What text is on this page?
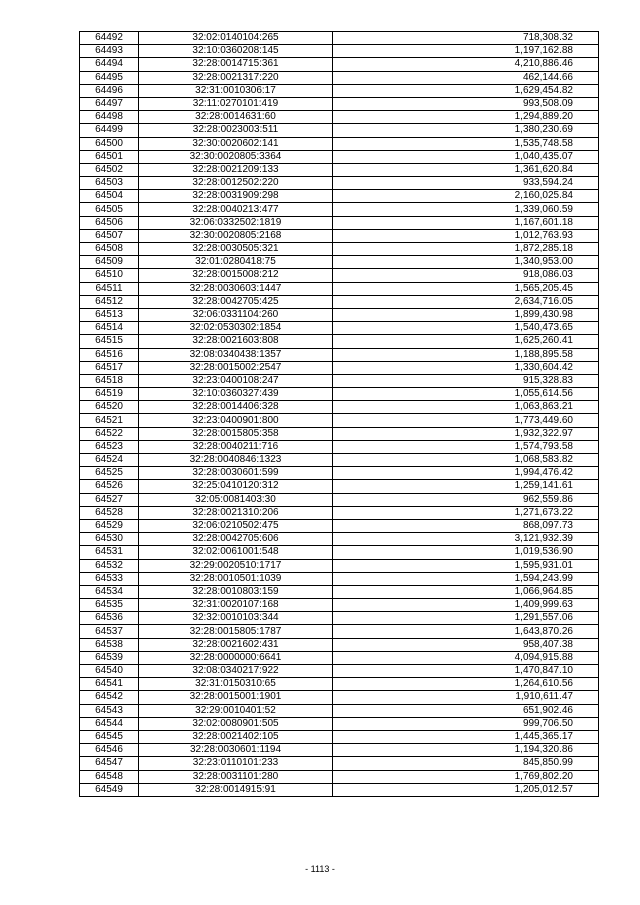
64492	32:02:0140104:265	718,308.32
64493	32:10:0360208:145	1,197,162.88
64494	32:28:0014715:361	4,210,886.46
64495	32:28:0021317:220	462,144.66
64496	32:31:0010306:17	1,629,454.82
64497	32:11:0270101:419	993,508.09
64498	32:28:0014631:60	1,294,889.20
64499	32:28:0023003:511	1,380,230.69
64500	32:30:0020602:141	1,535,748.58
64501	32:30:0020805:3364	1,040,435.07
64502	32:28:0021209:133	1,361,620.84
64503	32:28:0012502:220	933,594.24
64504	32:28:0031909:298	2,160,025.84
64505	32:28:0040213:477	1,339,060.59
64506	32:06:0332502:1819	1,167,601.18
64507	32:30:0020805:2168	1,012,763.93
64508	32:28:0030505:321	1,872,285.18
64509	32:01:0280418:75	1,340,953.00
64510	32:28:0015008:212	918,086.03
64511	32:28:0030603:1447	1,565,205.45
64512	32:28:0042705:425	2,634,716.05
64513	32:06:0331104:260	1,899,430.98
64514	32:02:0530302:1854	1,540,473.65
64515	32:28:0021603:808	1,625,260.41
64516	32:08:0340438:1357	1,188,895.58
64517	32:28:0015002:2547	1,330,604.42
64518	32:23:0400108:247	915,328.83
64519	32:10:0360327:439	1,055,614.56
64520	32:28:0014406:328	1,063,863.21
64521	32:23:0400901:800	1,773,449.60
64522	32:28:0015805:358	1,932,322.97
64523	32:28:0040211:716	1,574,793.58
64524	32:28:0040846:1323	1,068,583.82
64525	32:28:0030601:599	1,994,476.42
64526	32:25:0410120:312	1,259,141.61
64527	32:05:0081403:30	962,559.86
64528	32:28:0021310:206	1,271,673.22
64529	32:06:0210502:475	868,097.73
64530	32:28:0042705:606	3,121,932.39
64531	32:02:0061001:548	1,019,536.90
64532	32:29:0020510:1717	1,595,931.01
64533	32:28:0010501:1039	1,594,243.99
64534	32:28:0010803:159	1,066,964.85
64535	32:31:0020107:168	1,409,999.63
64536	32:32:0010103:344	1,291,557.06
64537	32:28:0015805:1787	1,643,870.26
64538	32:28:0021602:431	958,407.38
64539	32:28:0000000:6641	4,094,915.88
64540	32:08:0340217:922	1,470,847.10
64541	32:31:0150310:65	1,264,610.56
64542	32:28:0015001:1901	1,910,611.47
64543	32:29:0010401:52	651,902.46
64544	32:02:0080901:505	999,706.50
64545	32:28:0021402:105	1,445,365.17
64546	32:28:0030601:1194	1,194,320.86
64547	32:23:0110101:233	845,850.99
64548	32:28:0031101:280	1,769,802.20
64549	32:28:0014915:91	1,205,012.57
- 1113 -
